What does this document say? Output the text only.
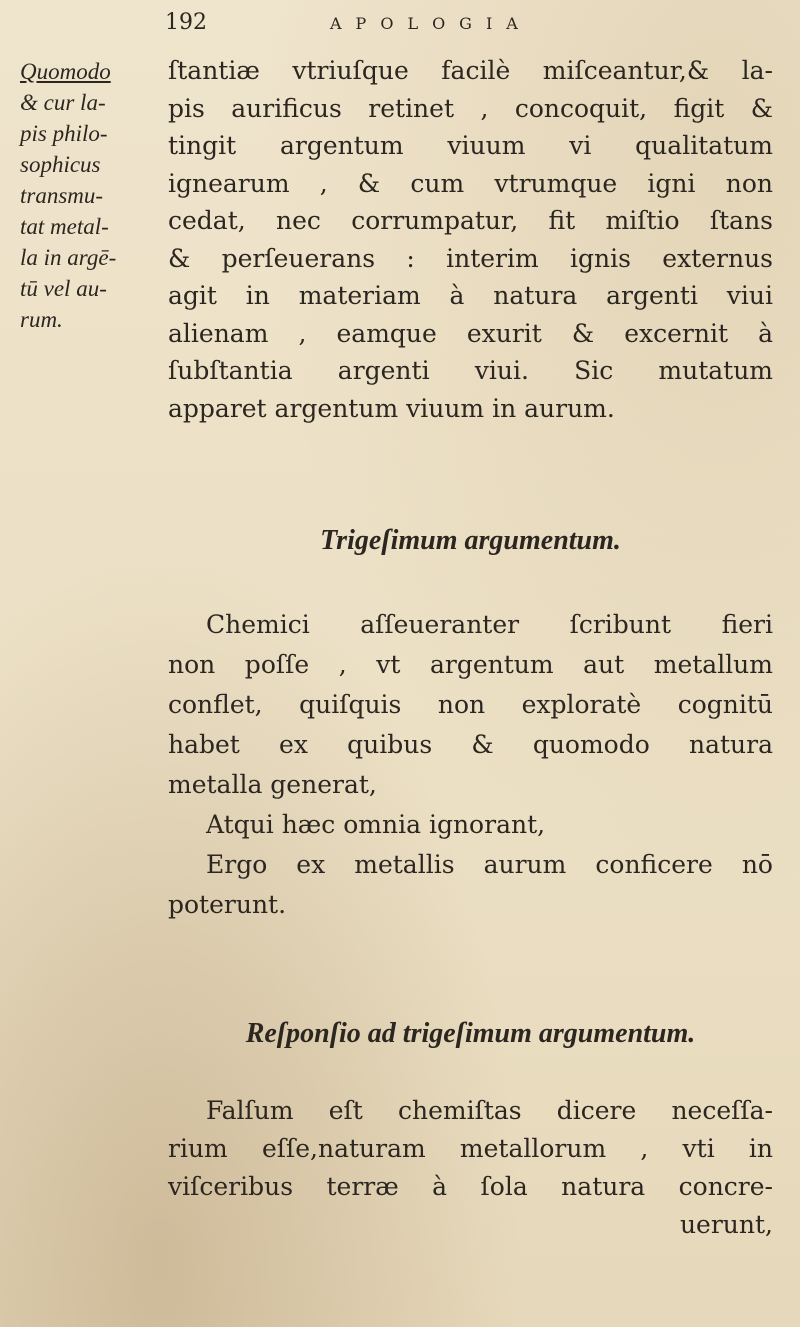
192	APOLOGIA
Quomodo
& cur la-
pis philo-
sophicus
transmu-
tat metal-
la in argē-
tū vel au-
rum.
ſtantiæ vtriuſque facilè miſceantur,& la-
pis aurificus retinet , concoquit, figit &
tingit argentum viuum vi qualitatum
ignearum , & cum vtrumque igni non
cedat, nec corrumpatur, fit miſtio ſtans
& perſeuerans : interim ignis externus
agit in materiam à natura argenti viui
alienam , eamque exurit & excernit à
ſubſtantia argenti viui. Sic mutatum
apparet argentum viuum in aurum.
Trigeſimum argumentum.
Chemici aſſeueranter ſcribunt fieri
non poſſe , vt argentum aut metallum
conflet, quiſquis non exploratè cognitū
habet ex quibus & quomodo natura
metalla generat,
Atqui hæc omnia ignorant,
Ergo ex metallis aurum conficere nō
poterunt.
Reſponſio ad trigeſimum argumentum.
Falſum eſt chemiſtas dicere neceſſa-
rium eſſe,naturam metallorum , vti in
viſceribus terræ à ſola natura concre-
uerunt,
